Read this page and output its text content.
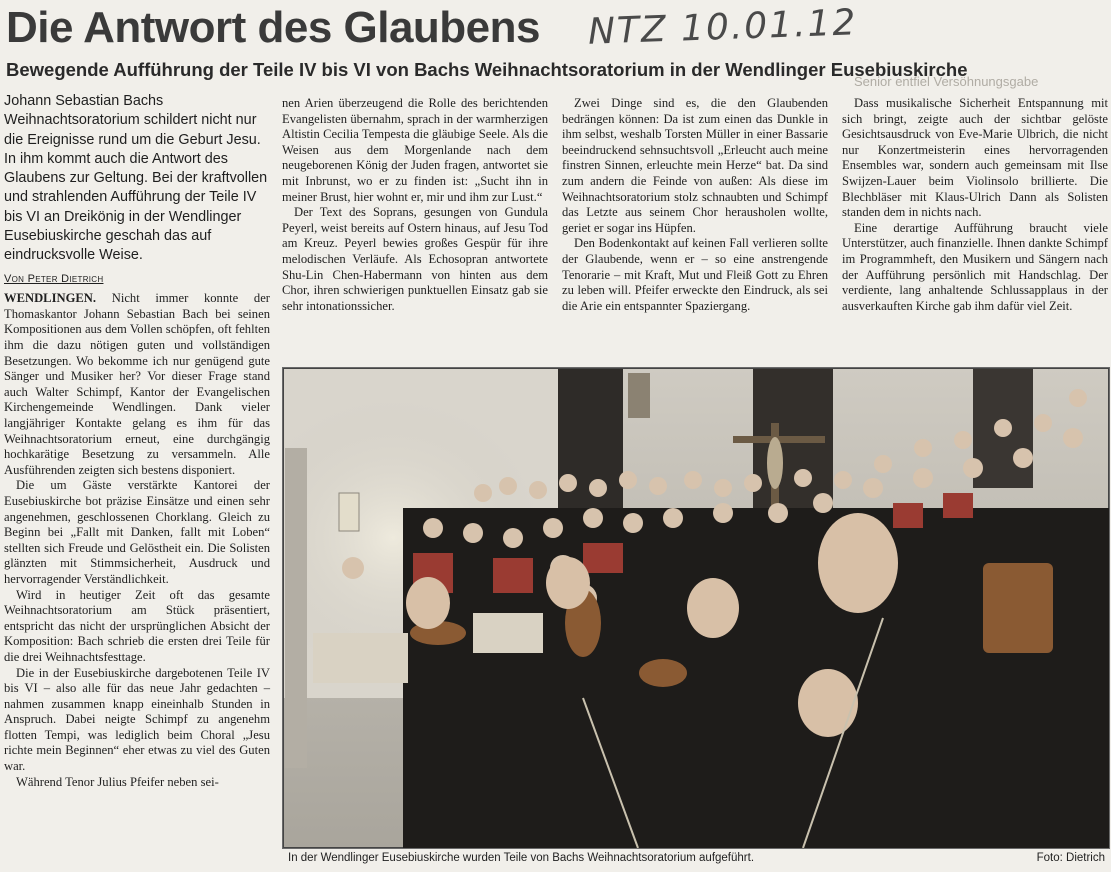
Die Antwort des Glaubens NTZ 10.01.12
Bewegende Aufführung der Teile IV bis VI von Bachs Weihnachtsoratorium in der Wendlinger Eusebiuskirche
Senior entfiel Versöhnungsgabe

Johann Sebastian Bachs Weihnachtsoratorium schildert nicht nur die Ereignisse rund um die Geburt Jesu. In ihm kommt auch die Antwort des Glaubens zur Geltung. Bei der kraftvollen und strahlenden Aufführung der Teile IV bis VI an Dreikönig in der Wendlinger Eusebiuskirche geschah das auf eindrucksvolle Weise.

Von Peter Dietrich

WENDLINGEN. Nicht immer konnte der Thomaskantor Johann Sebastian Bach bei seinen Kompositionen aus dem Vollen schöpfen, oft fehlten ihm die dazu nötigen guten und vollständigen Besetzungen. Wo bekomme ich nur genügend gute Sänger und Musiker her? Vor dieser Frage stand auch Walter Schimpf, Kantor der Evangelischen Kirchengemeinde Wendlingen. Dank vieler langjähriger Kontakte gelang es ihm für das Weihnachtsoratorium erneut, eine durchgängig hochkarätige Besetzung zu versammeln. Alle Ausführenden zeigten sich bestens disponiert.

Die um Gäste verstärkte Kantorei der Eusebiuskirche bot präzise Einsätze und einen sehr angenehmen, geschlossenen Chorklang. Gleich zu Beginn bei „Fallt mit Danken, fallt mit Loben“ stellten sich Freude und Gelöstheit ein. Die Solisten glänzten mit Stimmsicherheit, Ausdruck und hervorragender Verständlichkeit.

Wird in heutiger Zeit oft das gesamte Weihnachtsoratorium am Stück präsentiert, entspricht das nicht der ursprünglichen Absicht der Komposition: Bach schrieb die ersten drei Teile für die drei Weihnachtsfesttage.

Die in der Eusebiuskirche dargebotenen Teile IV bis VI – also alle für das neue Jahr gedachten – nahmen zusammen knapp eineinhalb Stunden in Anspruch. Dabei neigte Schimpf zu angenehm flotten Tempi, was lediglich beim Choral „Jesu richte mein Beginnen“ eher etwas zu viel des Guten war.

Während Tenor Julius Pfeifer neben sei-

nen Arien überzeugend die Rolle des berichtenden Evangelisten übernahm, sprach in der warmherzigen Altistin Cecilia Tempesta die gläubige Seele. Als die Weisen aus dem Morgenlande nach dem neugeborenen König der Juden fragen, antwortet sie mit Inbrunst, wo er zu finden ist: „Sucht ihn in meiner Brust, hier wohnt er, mir und ihm zur Lust.“

Der Text des Soprans, gesungen von Gundula Peyerl, weist bereits auf Ostern hinaus, auf Jesu Tod am Kreuz. Peyerl bewies großes Gespür für ihre melodischen Verläufe. Als Echosopran antwortete Shu-Lin Chen-Habermann von hinten aus dem Chor, ihren schwierigen punktuellen Einsatz gab sie sehr intonationssicher.

Zwei Dinge sind es, die den Glaubenden bedrängen können: Da ist zum einen das Dunkle in ihm selbst, weshalb Torsten Müller in einer Bassarie beeindruckend sehnsuchtsvoll „Erleucht auch meine finstren Sinnen, erleuchte mein Herze“ bat. Da sind zum andern die Feinde von außen: Als diese im Weihnachtsoratorium stolz schnaubten und Schimpf das Letzte aus seinem Chor herausholen wollte, geriet er sogar ins Hüpfen.

Den Bodenkontakt auf keinen Fall verlieren sollte der Glaubende, wenn er – so eine anstrengende Tenorarie – mit Kraft, Mut und Fleiß Gott zu Ehren zu leben will. Pfeifer erweckte den Eindruck, als sei die Arie ein entspannter Spaziergang.

Dass musikalische Sicherheit Entspannung mit sich bringt, zeigte auch der sichtbar gelöste Gesichtsausdruck von Eve-Marie Ulbrich, die nicht nur Konzertmeisterin eines hervorragenden Ensembles war, sondern auch gemeinsam mit Ilse Swijzen-Lauer beim Violinsolo brillierte. Die Blechbläser mit Klaus-Ulrich Dann als Solisten standen dem in nichts nach.

Eine derartige Aufführung braucht viele Unterstützer, auch finanzielle. Ihnen dankte Schimpf im Programmheft, den Musikern und Sängern nach der Aufführung persönlich mit Handschlag. Der verdiente, lang anhaltende Schlussapplaus in der ausverkauften Kirche gab ihm dafür viel Zeit.

In der Wendlinger Eusebiuskirche wurden Teile von Bachs Weihnachtsoratorium aufgeführt.	Foto: Dietrich
